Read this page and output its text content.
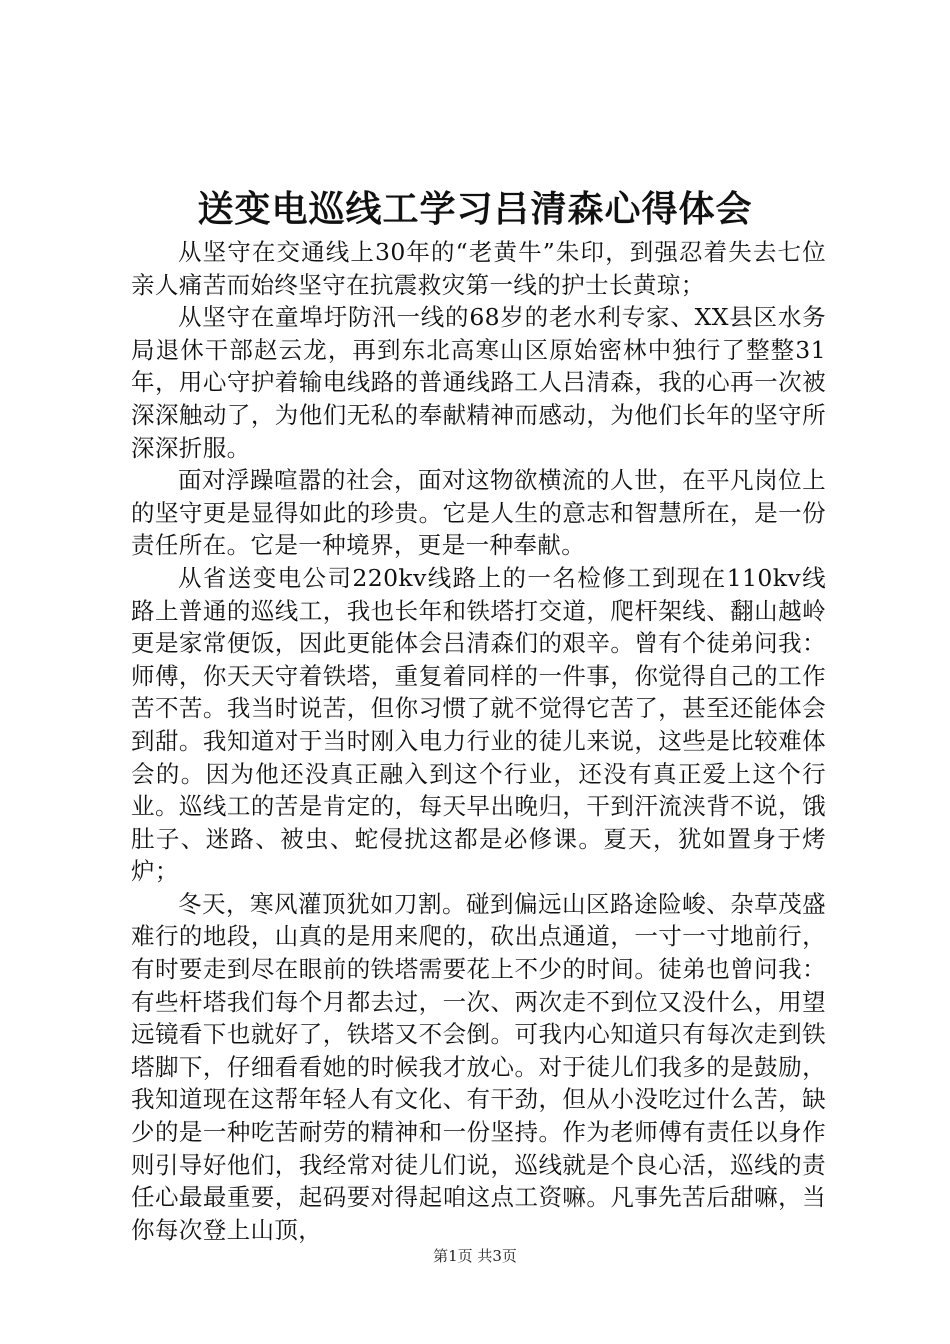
送变电巡线工学习吕清森心得体会

从坚守在交通线上30年的“老黄牛”朱印，到强忍着失去七位亲人痛苦而始终坚守在抗震救灾第一线的护士长黄琼；

从坚守在童埠圩防汛一线的68岁的老水利专家、XX县区水务局退休干部赵云龙，再到东北高寒山区原始密林中独行了整整31年，用心守护着输电线路的普通线路工人吕清森，我的心再一次被深深触动了，为他们无私的奉献精神而感动，为他们长年的坚守所深深折服。

面对浮躁喧嚣的社会，面对这物欲横流的人世，在平凡岗位上的坚守更是显得如此的珍贵。它是人生的意志和智慧所在，是一份责任所在。它是一种境界，更是一种奉献。

从省送变电公司220kv线路上的一名检修工到现在110kv线路上普通的巡线工，我也长年和铁塔打交道，爬杆架线、翻山越岭更是家常便饭，因此更能体会吕清森们的艰辛。曾有个徒弟问我：师傅，你天天守着铁塔，重复着同样的一件事，你觉得自己的工作苦不苦。我当时说苦，但你习惯了就不觉得它苦了，甚至还能体会到甜。我知道对于当时刚入电力行业的徒儿来说，这些是比较难体会的。因为他还没真正融入到这个行业，还没有真正爱上这个行业。巡线工的苦是肯定的，每天早出晚归，干到汗流浃背不说，饿肚子、迷路、被虫、蛇侵扰这都是必修课。夏天，犹如置身于烤炉；

冬天，寒风灌顶犹如刀割。碰到偏远山区路途险峻、杂草茂盛难行的地段，山真的是用来爬的，砍出点通道，一寸一寸地前行，有时要走到尽在眼前的铁塔需要花上不少的时间。徒弟也曾问我：有些杆塔我们每个月都去过，一次、两次走不到位又没什么，用望远镜看下也就好了，铁塔又不会倒。可我内心知道只有每次走到铁塔脚下，仔细看看她的时候我才放心。对于徒儿们我多的是鼓励，我知道现在这帮年轻人有文化、有干劲，但从小没吃过什么苦，缺少的是一种吃苦耐劳的精神和一份坚持。作为老师傅有责任以身作则引导好他们，我经常对徒儿们说，巡线就是个良心活，巡线的责任心最最重要，起码要对得起咱这点工资嘛。凡事先苦后甜嘛，当你每次登上山顶，

第1页 共3页
